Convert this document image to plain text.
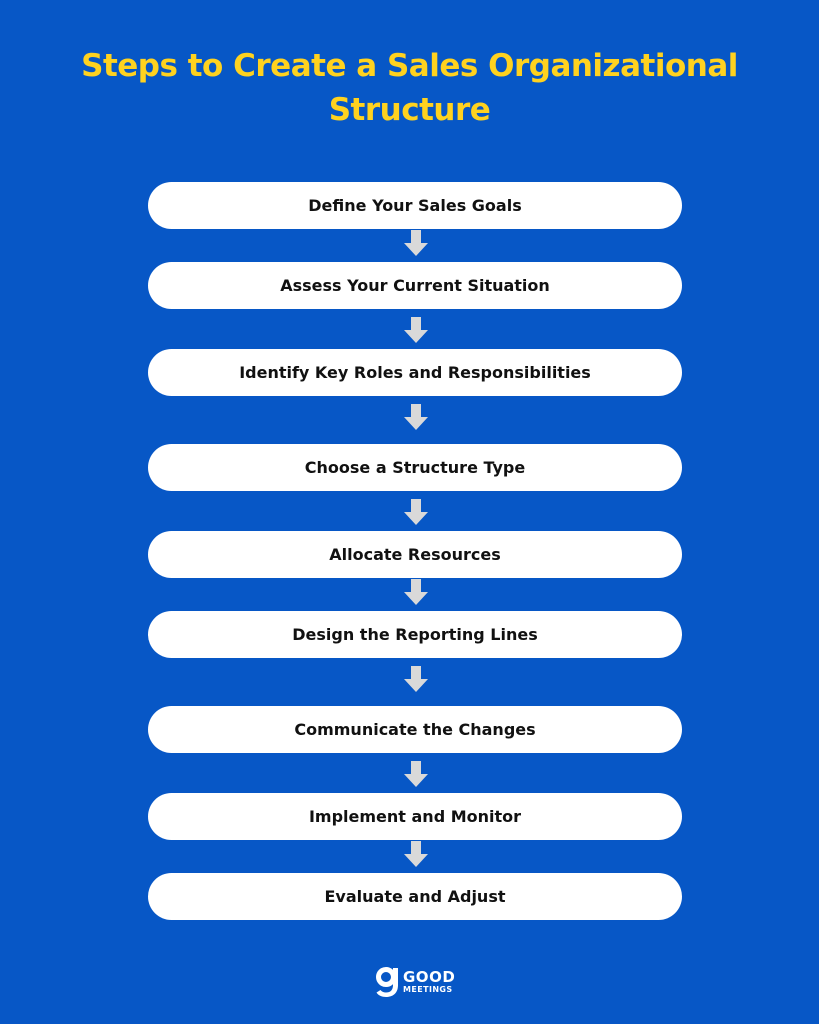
Steps to Create a Sales Organizational Structure
Define Your Sales Goals
Assess Your Current Situation
Identify Key Roles and Responsibilities
Choose a Structure Type
Allocate Resources
Design the Reporting Lines
Communicate the Changes
Implement and Monitor
Evaluate and Adjust
GOOD
MEETINGS
